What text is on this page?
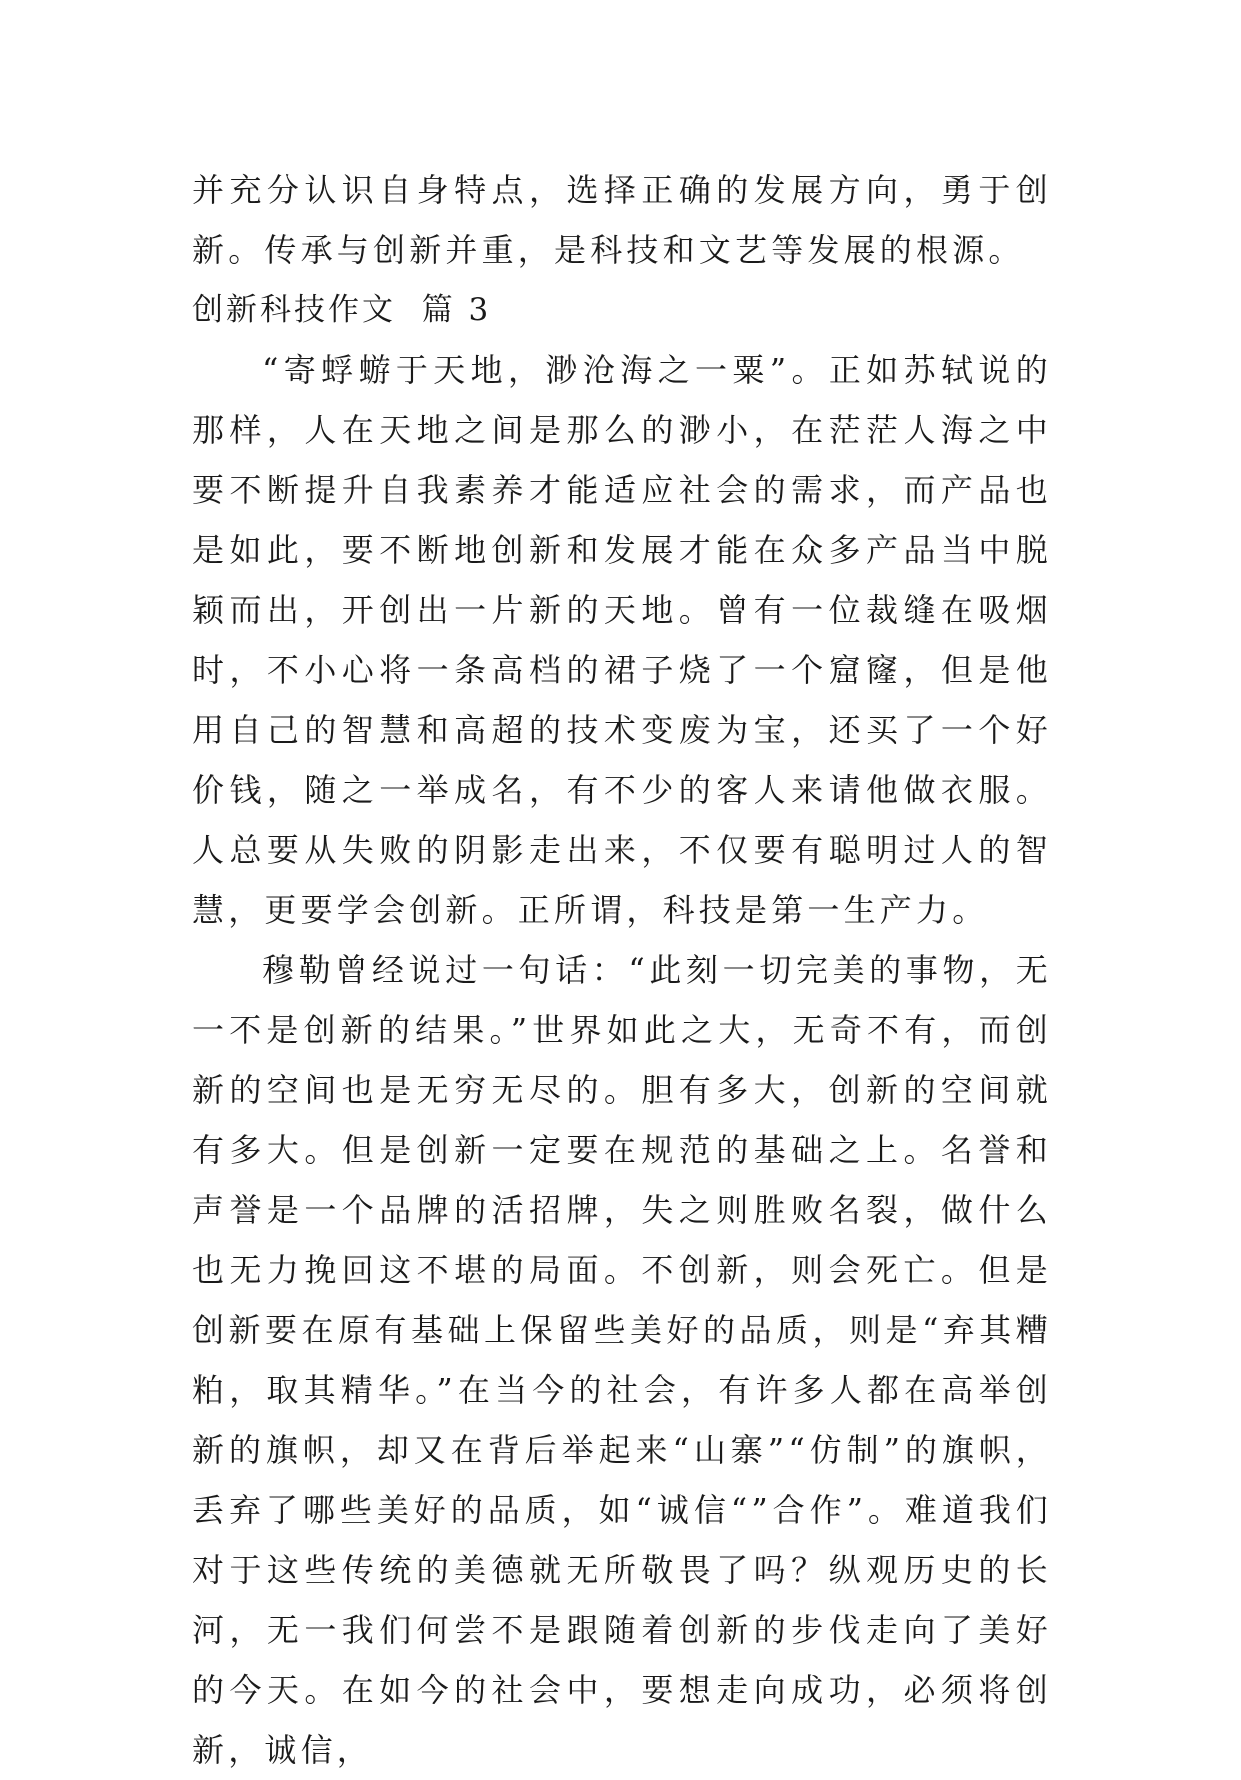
并充分认识自身特点，选择正确的发展方向，勇于创新。传承与创新并重，是科技和文艺等发展的根源。

创新科技作文  篇 3

“寄蜉蝣于天地，渺沧海之一粟”。正如苏轼说的那样，人在天地之间是那么的渺小，在茫茫人海之中要不断提升自我素养才能适应社会的需求，而产品也是如此，要不断地创新和发展才能在众多产品当中脱颖而出，开创出一片新的天地。曾有一位裁缝在吸烟时，不小心将一条高档的裙子烧了一个窟窿，但是他用自己的智慧和高超的技术变废为宝，还买了一个好价钱，随之一举成名，有不少的客人来请他做衣服。人总要从失败的阴影走出来，不仅要有聪明过人的智慧，更要学会创新。正所谓，科技是第一生产力。

穆勒曾经说过一句话：“此刻一切完美的事物，无一不是创新的结果。”世界如此之大，无奇不有，而创新的空间也是无穷无尽的。胆有多大，创新的空间就有多大。但是创新一定要在规范的基础之上。名誉和声誉是一个品牌的活招牌，失之则胜败名裂，做什么也无力挽回这不堪的局面。不创新，则会死亡。但是创新要在原有基础上保留些美好的品质，则是“弃其糟粕，取其精华。”在当今的社会，有许多人都在高举创新的旗帜，却又在背后举起来“山寨”“仿制”的旗帜，丢弃了哪些美好的品质，如“诚信“”合作”。难道我们对于这些传统的美德就无所敬畏了吗？纵观历史的长河，无一我们何尝不是跟随着创新的步伐走向了美好的今天。在如今的社会中，要想走向成功，必须将创新，诚信，
